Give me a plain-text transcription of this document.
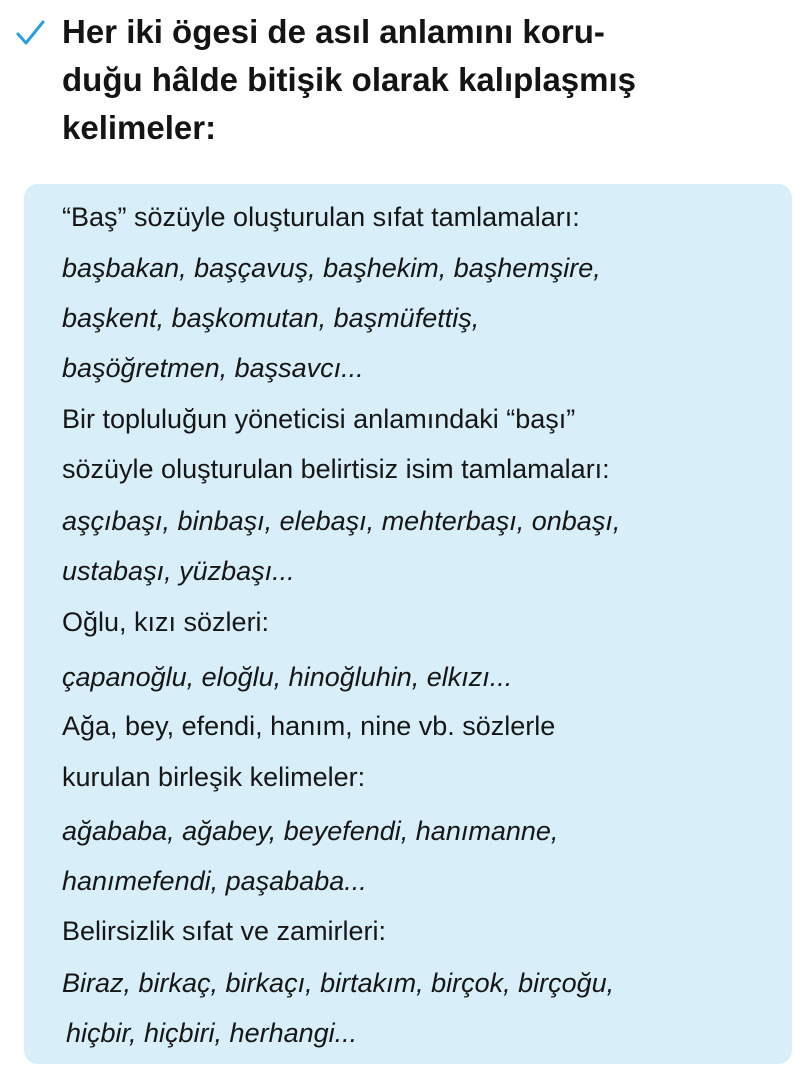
Her iki ögesi de asıl anlamını koru-
duğu hâlde bitişik olarak kalıplaşmış
kelimeler:
“Baş” sözüyle oluşturulan sıfat tamlamaları:
başbakan, başçavuş, başhekim, başhemşire,
başkent, başkomutan, başmüfettiş,
başöğretmen, başsavcı...
Bir topluluğun yöneticisi anlamındaki “başı”
sözüyle oluşturulan belirtisiz isim tamlamaları:
aşçıbaşı, binbaşı, elebaşı, mehterbaşı, onbaşı,
ustabaşı, yüzbaşı...
Oğlu, kızı sözleri:
çapanoğlu, eloğlu, hinoğluhin, elkızı...
Ağa, bey, efendi, hanım, nine vb. sözlerle
kurulan birleşik kelimeler:
ağababa, ağabey, beyefendi, hanımanne,
hanımefendi, paşababa...
Belirsizlik sıfat ve zamirleri:
Biraz, birkaç, birkaçı, birtakım, birçok, birçoğu,
hiçbir, hiçbiri, herhangi...
